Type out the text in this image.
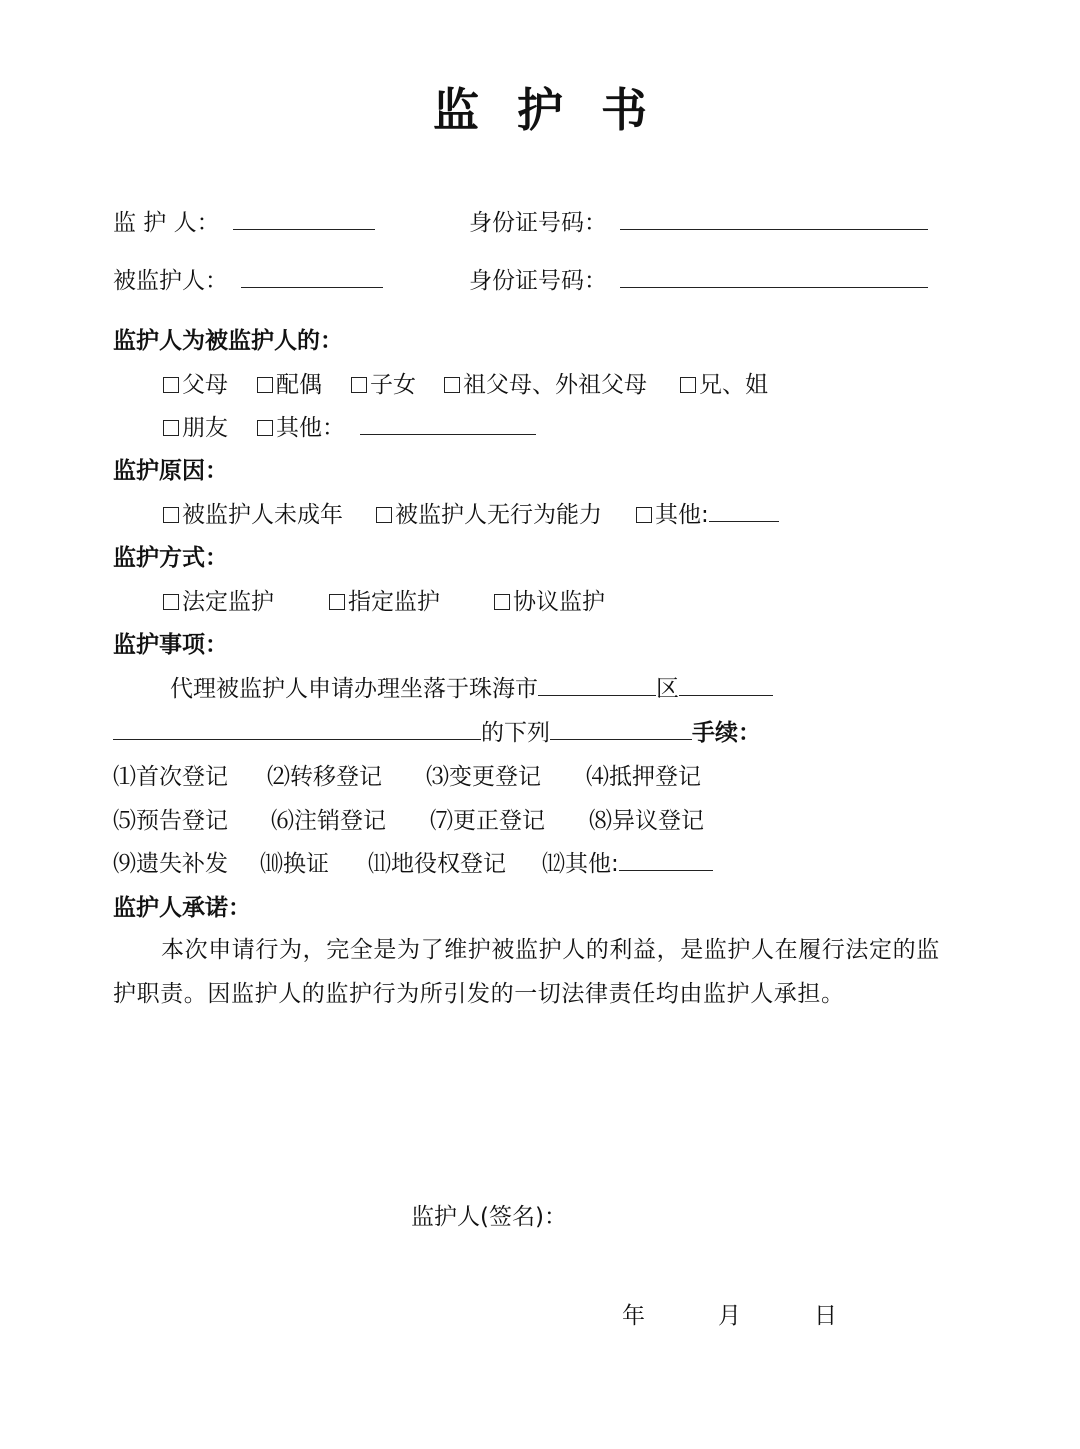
监护书
监 护 人：	身份证号码：
被监护人：	身份证号码：
监护人为被监护人的：
父母	配偶	子女	祖父母、外祖父母	兄、姐
朋友	其他：
监护原因：
被监护人未成年	被监护人无行为能力	其他:
监护方式：
法定监护	指定监护	协议监护
监护事项：
代理被监护人申请办理坐落于珠海市	区
的下列	手续：
⑴首次登记 ⑵转移登记 ⑶变更登记 ⑷抵押登记
⑸预告登记 ⑹注销登记 ⑺更正登记 ⑻异议登记
⑼遗失补发 ⑽换证 ⑾地役权登记 ⑿其他:
监护人承诺：
本次申请行为，完全是为了维护被监护人的利益，是监护人在履行法定的监护职责。因监护人的监护行为所引发的一切法律责任均由监护人承担。
监护人(签名)：
年	月	日
